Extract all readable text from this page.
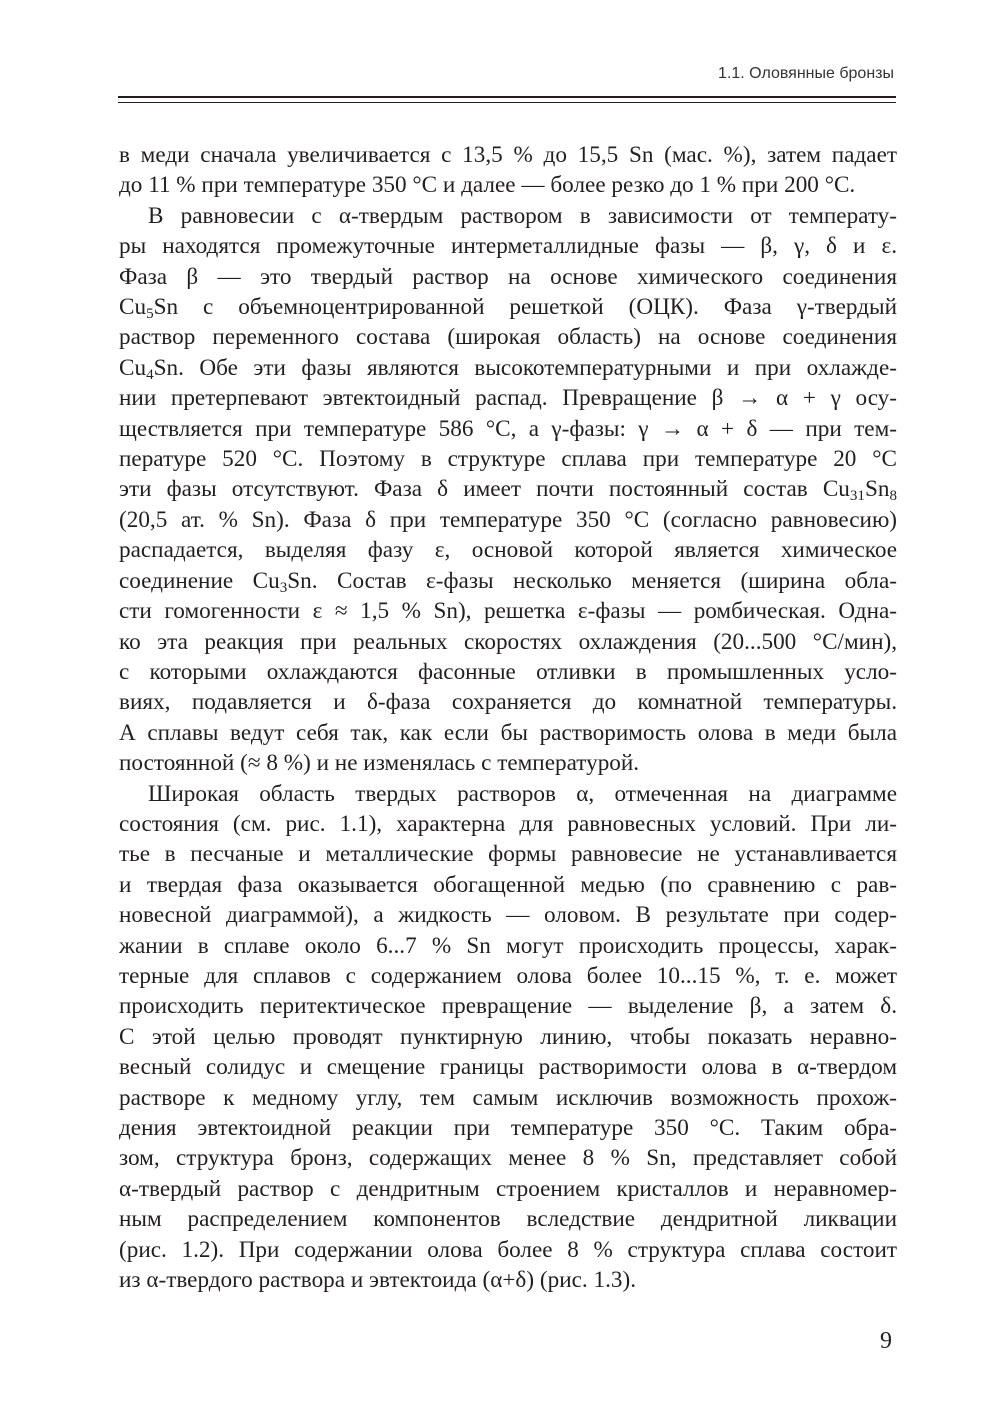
1.1. Оловянные бронзы

в меди сначала увеличивается с 13,5 % до 15,5 Sn (мас. %), затем падает
до 11 % при температуре 350 °C и далее — более резко до 1 % при 200 °C.

В равновесии с α-твердым раствором в зависимости от температу-
ры находятся промежуточные интерметаллидные фазы — β, γ, δ и ε.
Фаза β — это твердый раствор на основе химического соединения
$Cu_5Sn$ с объемноцентрированной решеткой (ОЦК). Фаза γ-твердый
раствор переменного состава (широкая область) на основе соединения
$Cu_4Sn$. Обе эти фазы являются высокотемпературными и при охлажде-
нии претерпевают эвтектоидный распад. Превращение β → α + γ осу-
ществляется при температуре 586 °C, а γ-фазы: γ → α + δ — при тем-
пературе 520 °C. Поэтому в структуре сплава при температуре 20 °C
эти фазы отсутствуют. Фаза δ имеет почти постоянный состав $Cu_{31}Sn_8$
(20,5 ат. % Sn). Фаза δ при температуре 350 °C (согласно равновесию)
распадается, выделяя фазу ε, основой которой является химическое
соединение $Cu_3Sn$. Состав ε-фазы несколько меняется (ширина обла-
сти гомогенности ε ≈ 1,5 % Sn), решетка ε-фазы — ромбическая. Одна-
ко эта реакция при реальных скоростях охлаждения (20...500 °C/мин),
с которыми охлаждаются фасонные отливки в промышленных усло-
виях, подавляется и δ-фаза сохраняется до комнатной температуры.
А сплавы ведут себя так, как если бы растворимость олова в меди была
постоянной (≈ 8 %) и не изменялась с температурой.

Широкая область твердых растворов α, отмеченная на диаграмме
состояния (см. рис. 1.1), характерна для равновесных условий. При ли-
тье в песчаные и металлические формы равновесие не устанавливается
и твердая фаза оказывается обогащенной медью (по сравнению с рав-
новесной диаграммой), а жидкость — оловом. В результате при содер-
жании в сплаве около 6...7 % Sn могут происходить процессы, харак-
терные для сплавов с содержанием олова более 10...15 %, т. е. может
происходить перитектическое превращение — выделение β, а затем δ.
С этой целью проводят пунктирную линию, чтобы показать неравно-
весный солидус и смещение границы растворимости олова в α-твердом
растворе к медному углу, тем самым исключив возможность прохож-
дения эвтектоидной реакции при температуре 350 °C. Таким обра-
зом, структура бронз, содержащих менее 8 % Sn, представляет собой
α-твердый раствор с дендритным строением кристаллов и неравномер-
ным распределением компонентов вследствие дендритной ликвации
(рис. 1.2). При содержании олова более 8 % структура сплава состоит
из α-твердого раствора и эвтектоида (α+δ) (рис. 1.3).

9
